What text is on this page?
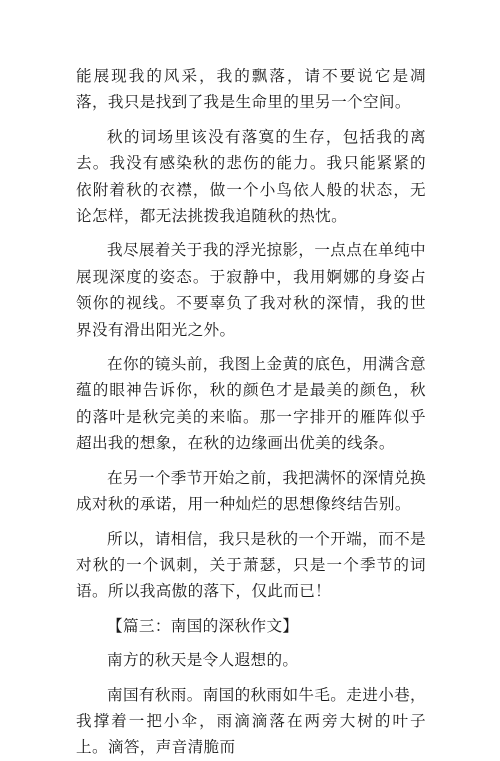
能展现我的风采，我的飘落，请不要说它是凋落，我只是找到了我是生命里的里另一个空间。

秋的词场里该没有落寞的生存，包括我的离去。我没有感染秋的悲伤的能力。我只能紧紧的依附着秋的衣襟，做一个小鸟依人般的状态，无论怎样，都无法挑拨我追随秋的热忱。

我尽展着关于我的浮光掠影，一点点在单纯中展现深度的姿态。于寂静中，我用婀娜的身姿占领你的视线。不要辜负了我对秋的深情，我的世界没有滑出阳光之外。

在你的镜头前，我图上金黄的底色，用满含意蕴的眼神告诉你，秋的颜色才是最美的颜色，秋的落叶是秋完美的来临。那一字排开的雁阵似乎超出我的想象，在秋的边缘画出优美的线条。

在另一个季节开始之前，我把满怀的深情兑换成对秋的承诺，用一种灿烂的思想像终结告别。

所以，请相信，我只是秋的一个开端，而不是对秋的一个讽刺，关于萧瑟，只是一个季节的词语。所以我高傲的落下，仅此而已！

【篇三：南国的深秋作文】

南方的秋天是令人遐想的。

南国有秋雨。南国的秋雨如牛毛。走进小巷，我撑着一把小伞，雨滴滴落在两旁大树的叶子上。滴答，声音清脆而
